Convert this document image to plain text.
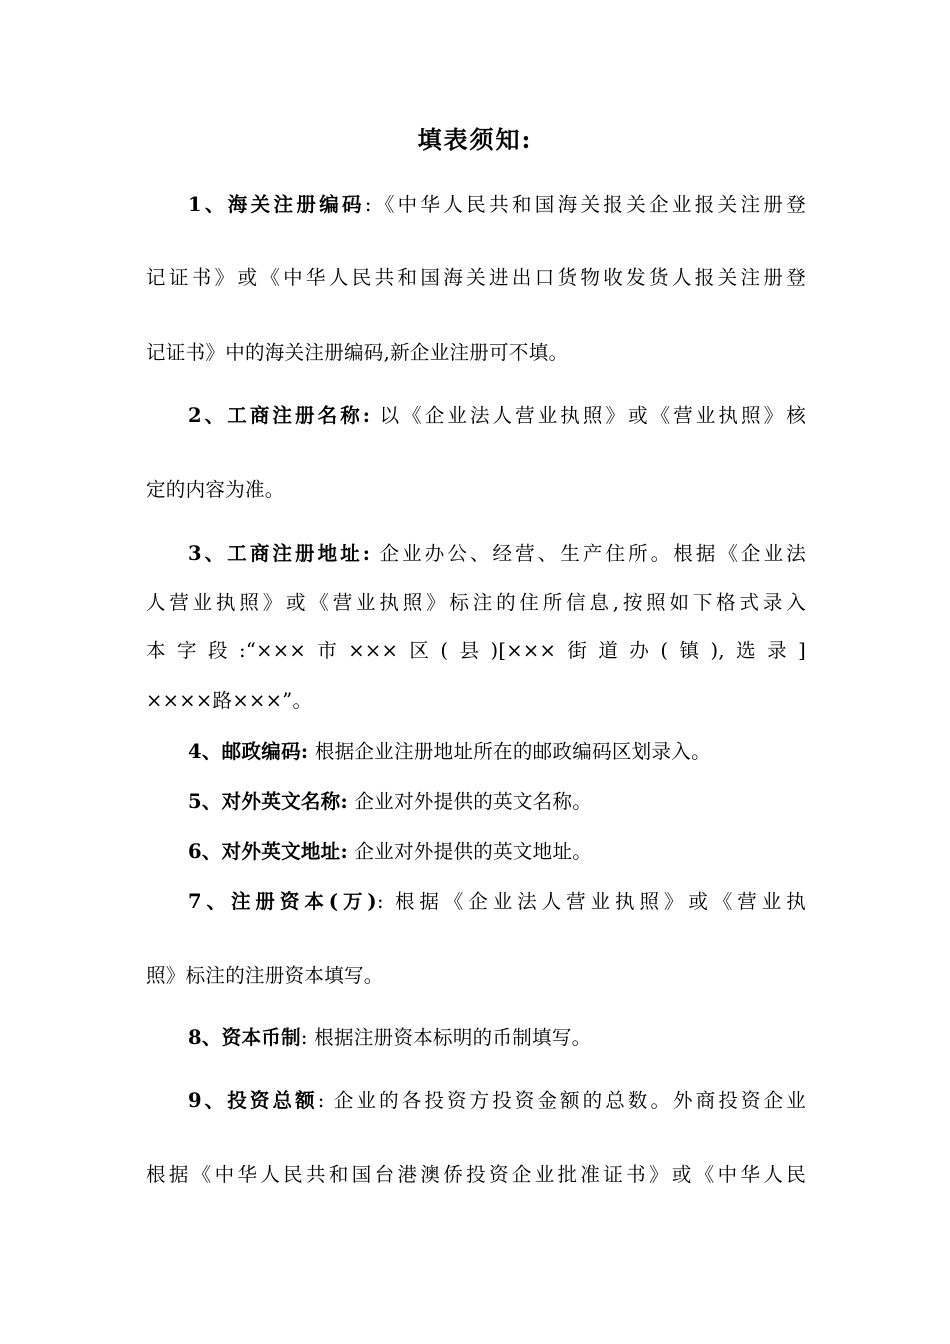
填表须知:
1、海关注册编码:《中华人民共和国海关报关企业报关注册登
记证书》或《中华人民共和国海关进出口货物收发货人报关注册登
记证书》中的海关注册编码,新企业注册可不填。
2、工商注册名称: 以《企业法人营业执照》或《营业执照》核
定的内容为准。
3、工商注册地址: 企业办公、经营、生产住所。根据《企业法
人营业执照》或《营业执照》标注的住所信息,按照如下格式录入
本字段:“×××市×××区(县)[×××街道办(镇),选录]
××××路×××”。
4、邮政编码: 根据企业注册地址所在的邮政编码区划录入。
5、对外英文名称: 企业对外提供的英文名称。
6、对外英文地址: 企业对外提供的英文地址。
7、注册资本(万): 根据《企业法人营业执照》或《营业执
照》标注的注册资本填写。
8、资本币制: 根据注册资本标明的币制填写。
9、投资总额: 企业的各投资方投资金额的总数。外商投资企业
根据《中华人民共和国台港澳侨投资企业批准证书》或《中华人民
